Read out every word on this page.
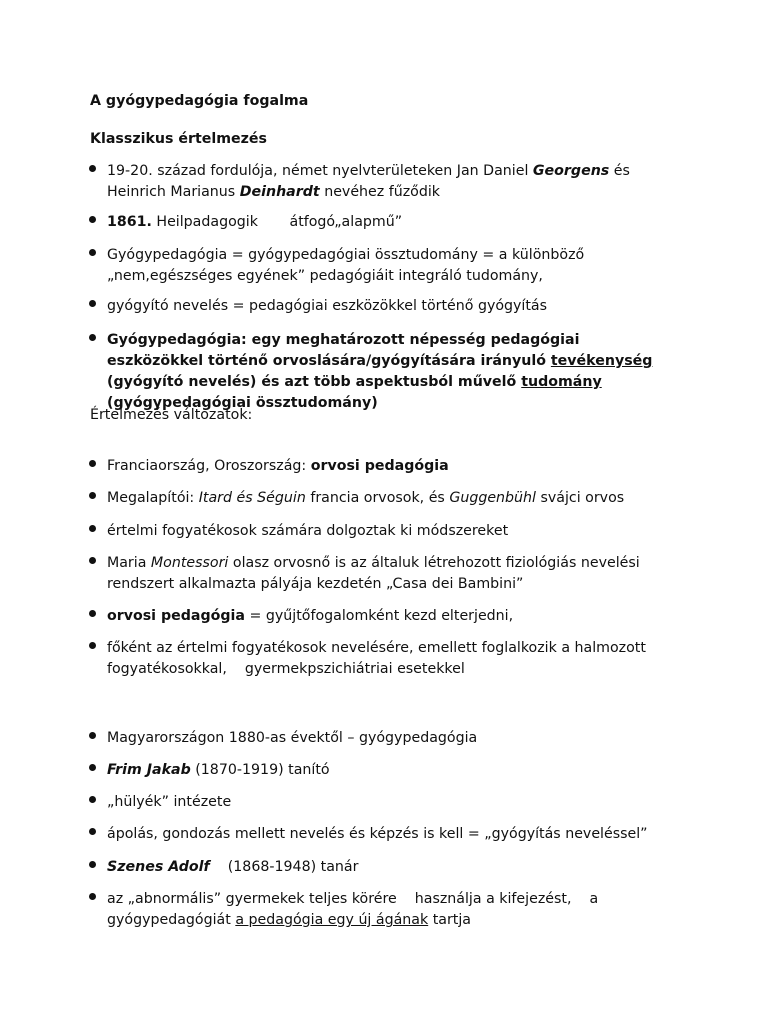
A gyógypedagógia fogalma
Klasszikus értelmezés
19-20. század fordulója, német nyelvterületeken Jan Daniel Georgens és Heinrich Marianus Deinhardt nevéhez fűződik
1861. Heilpadagogik       átfogó„alapmű”
Gyógypedagógia = gyógypedagógiai össztudomány = a különböző „nem,egészséges egyének” pedagógiáit integráló tudomány,
gyógyító nevelés = pedagógiai eszközökkel történő gyógyítás
Gyógypedagógia: egy meghatározott népesség pedagógiai eszközökkel történő orvoslására/gyógyítására irányuló tevékenység (gyógyító nevelés) és azt több aspektusból művelő tudomány (gyógypedagógiai össztudomány)
Értelmezés változatok:
Franciaország, Oroszország: orvosi pedagógia
Megalapítói: Itard és Séguin francia orvosok, és Guggenbühl svájci orvos
értelmi fogyatékosok számára dolgoztak ki módszereket
Maria Montessori olasz orvosnő is az általuk létrehozott fiziológiás nevelési rendszert alkalmazta pályája kezdetén „Casa dei Bambini”
orvosi pedagógia = gyűjtőfogalomként kezd elterjedni,
főként az értelmi fogyatékosok nevelésére, emellett foglalkozik a halmozott fogyatékosokkal,    gyermekpszichiátriai esetekkel
Magyarországon 1880-as évektől – gyógypedagógia
Frim Jakab (1870-1919) tanító
„hülyék” intézete
ápolás, gondozás mellett nevelés és képzés is kell = „gyógyítás neveléssel”
Szenes Adolf    (1868-1948) tanár
az „abnormális” gyermekek teljes körére    használja a kifejezést,    a gyógypedagógiát a pedagógia egy új ágának tartja
